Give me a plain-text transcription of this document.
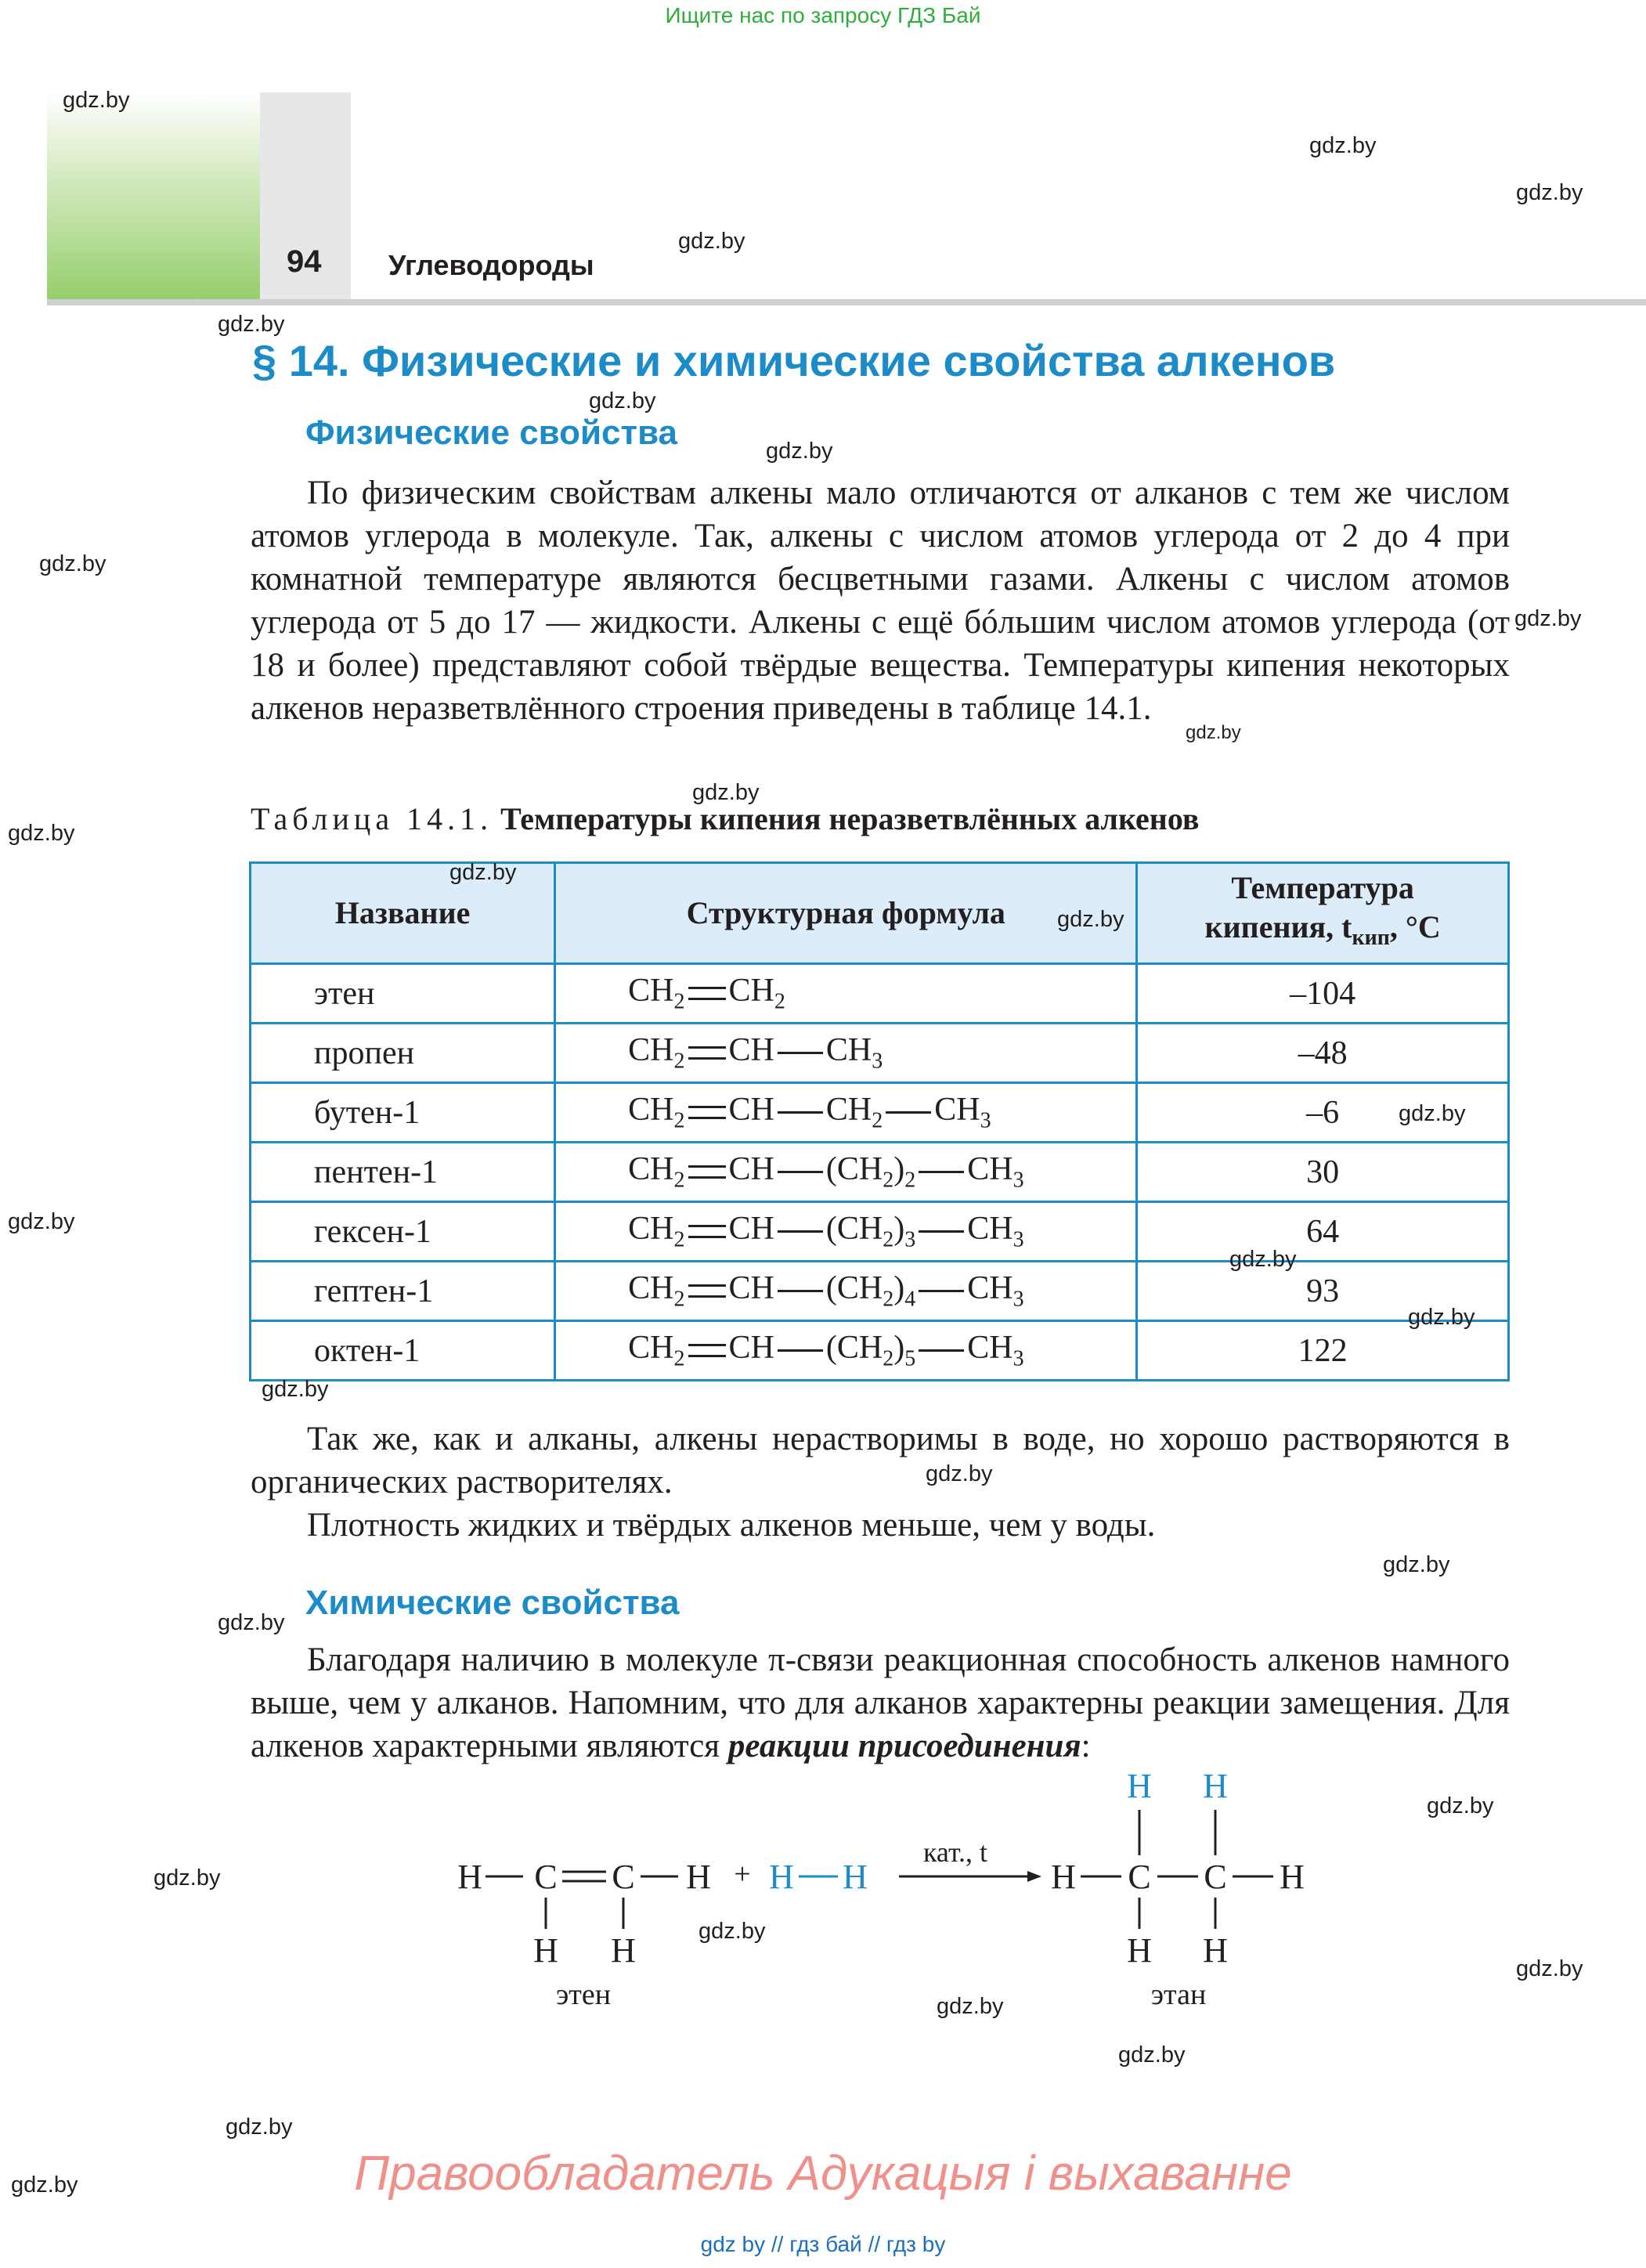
Ищите нас по запросу ГДЗ Бай
94 Углеводороды
§ 14. Физические и химические свойства алкенов
Физические свойства
По физическим свойствам алкены мало отличаются от алканов с тем же числом атомов углерода в молекуле. Так, алкены с числом атомов углерода от 2 до 4 при комнатной температуре являются бесцветными газами. Алкены с числом атомов углерода от 5 до 17 — жидкости. Алкены с ещё бóльшим числом атомов углерода (от 18 и более) представляют собой твёрдые вещества. Температуры кипения некоторых алкенов неразветвлённого строения приведены в таблице 14.1.
Таблица 14.1. Температуры кипения неразветвлённых алкенов
Название	Структурная формула	Температура
кипения, $t_{кип}$, °C
этен	$CH_2$ $CH_2$	–104
пропен	$CH_2$ CH $CH_3$	–48
бутен-1	$CH_2$ CH $CH_2$ $CH_3$	–6
пентен-1	$CH_2$ CH $(CH_2)_2$ $CH_3$	30
гексен-1	$CH_2$ CH $(CH_2)_3$ $CH_3$	64
гептен-1	$CH_2$ CH $(CH_2)_4$ $CH_3$	93
октен-1	$CH_2$ CH $(CH_2)_5$ $CH_3$	122
Так же, как и алканы, алкены нерастворимы в воде, но хорошо растворяются в органических растворителях.
Плотность жидких и твёрдых алкенов меньше, чем у воды.
Химические свойства
Благодаря наличию в молекуле π-связи реакционная способность алкенов намного выше, чем у алканов. Напомним, что для алканов характерны реакции замещения. Для алкенов характерными являются реакции присоединения:
H C C H
H H
этен
+ H H
кат., t
H C C H
H H
H H
этан
gdz.by
gdz.by
gdz.by
gdz.by
gdz.by
gdz.by
gdz.by
gdz.by
gdz.by
gdz.by
gdz.by
gdz.by
gdz.by
gdz.by
gdz.by
gdz.by
gdz.by
gdz.by
gdz.by
gdz.by
gdz.by
gdz.by
gdz.by
gdz.by
gdz.by
gdz.by
gdz.by
gdz.by
gdz.by
gdz.by	Правообладатель Адукацыя і выхаванне
gdz by // гдз бай // гдз by
